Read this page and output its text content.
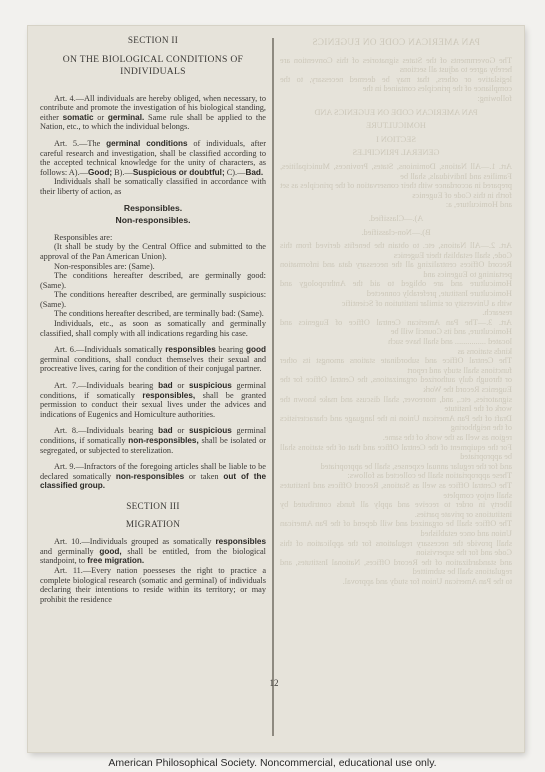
SECTION II
ON THE BIOLOGICAL CONDITIONS OF INDIVIDUALS

Art. 4.—All individuals are hereby obliged, when necessary, to contribute and promote the investigation of his biological standing, either somatic or germinal. Same rule shall be applied to the Nation, etc., to which the individual belongs.

Art. 5.—The germinal conditions of individuals, after careful research and investigation, shall be classified according to the accepted technical knowledge for the unity of characters, as follows: A).—Good; B).—Suspicious or doubtful; C).—Bad.

Individuals shall be somatically classified in accordance with their liberty of action, as

Responsibles.
Non-responsibles.

Responsibles are:

(It shall be study by the Central Office and submitted to the approval of the Pan American Union).

Non-responsibles are: (Same).

The conditions hereafter described, are germinally good: (Same).

The conditions hereafter described, are germinally suspicious: (Same).

The conditions hereafter described, are terminally bad: (Same).

Individuals, etc., as soon as somatically and germinally classified, shall comply with all indications regarding his case.

Art. 6.—Individuals somatically responsibles bearing good germinal conditions, shall conduct themselves their sexual and procreative lives, caring for the condition of their conjugal partner.

Art. 7.—Individuals bearing bad or suspicious germinal conditions, if somatically responsibles, shall be granted permission to conduct their sexual lives under the advices and indications of Eugenics and Homiculture authorities.

Art. 8.—Individuals bearing bad or suspicious germinal conditions, if somatically non-responsibles, shall be isolated or segregated, or subjected to sterelization.

Art. 9.—Infractors of the foregoing articles shall be liable to be declared somatically non-responsibles or taken out of the classified group.

SECTION III
MIGRATION

Art. 10.—Individuals grouped as somatically responsibles and germinally good, shall be entitled, from the biological standpoint, to free migration.

Art. 11.—Every nation poesseses the right to practice a complete biological research (somatic and germinal) of individuals declaring their intentions to reside within its territory; or may prohibit the residence

PAN AMERICAN CODE ON EUGENICS

The Governments of the States signatories of this Convention are hereby agree to adjust all sections

legislative or others, that may be deemed necessary, to the compliance of the principles contained in the

following:

PAN AMERICAN CODE ON EUGENICS AND

HOMICULTURE

SECTION I

GENERAL PRINCIPLES

Art. 1.—All Nations, Dominions, States, Provinces, Municipalities, Families and Individuals, shall be

prepared in accordance with their conservation of the principles as set forth in this Code of Eugenics

and Homiculture, a:

A).—Classified.

B).—Non-classified.

Art. 2.—All Nations, etc. to obtain the benefits derived from this Code, shall establish their Eugenics

Record Offices centralizing all the necessary data and information pertaining to Eugenics and

Homiculture and are obliged to aid the Anthropology and Homiculture Institute, preferably connected

with a University or similar institution of Scientific

research.

Art. 3.—The Pan American Central Office of Eugenics and Homiculture, and its Council will be

located ............... and shall have such

kinds stations as

The Central Office and subordinate stations amongst its other functions shall study and report

or through duly authorized organizations, the Central Office for the Eugenics Record the Work

signatories, etc., and, moreover, shall discuss and make known the work of the Institute

Draft of the Pan American Union in the language and characteristics of the neighboring

region as well as the work of the same.

For the equipment of the Central Office and that of the stations shall be appropriated

and for the regular annual expenses, shall be appropriated

These appropriation shall be collected as follows:

The Central Office as well as Stations, Record Offices and Institutes shall enjoy complete

liberty in order to receive and apply all funds contributed by institutions or private parties.

The Office shall be organized and will depend of the Pan American Union and once established

shall provide the necessary regulations for the application of this Code and for the supervision

and standardization of the Record Offices, National Institutes, and regulations shall be submitted

to the Pan American Union for study and approval.

12
American Philosophical Society. Noncommercial, educational use only.
